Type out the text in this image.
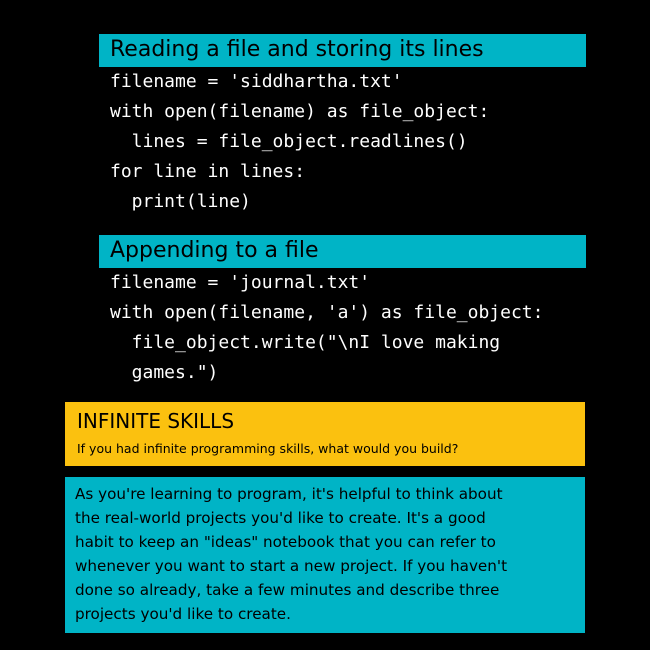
Reading a file and storing its lines
filename = 'siddhartha.txt'
with open(filename) as file_object:
lines = file_object.readlines()
for line in lines:
print(line)
Appending to a file
filename = 'journal.txt'
with open(filename, 'a') as file_object:
file_object.write("\nI love making
games.")
INFINITE SKILLS
If you had infinite programming skills, what would you build?
As you're learning to program, it's helpful to think about
the real-world projects you'd like to create. It's a good
habit to keep an "ideas" notebook that you can refer to
whenever you want to start a new project. If you haven't
done so already, take a few minutes and describe three
projects you'd like to create.
